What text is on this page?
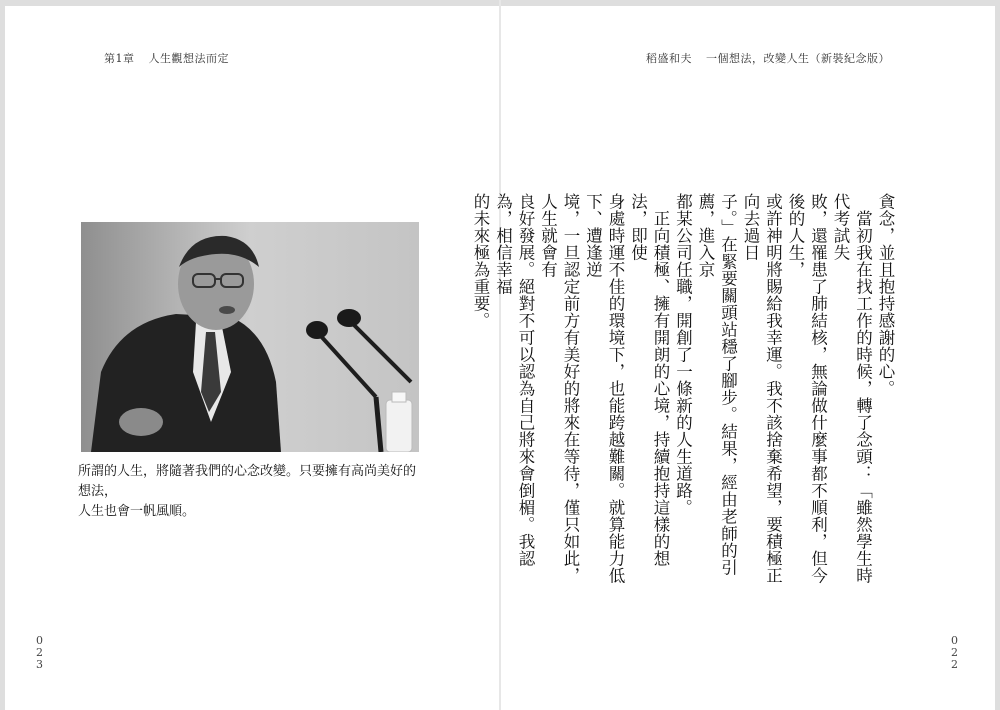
第1章 人生觀想法而定	稻盛和夫 一個想法，改變人生（新裝紀念版）
所謂的人生，將隨著我們的心念改變。只要擁有高尚美好的想法，
人生也會一帆風順。
貪念，並且抱持感謝的心。
　當初我在找工作的時候，轉了念頭：「雖然學生時代考試失
敗，還罹患了肺結核，無論做什麼事都不順利，但今後的人生，
或許神明將賜給我幸運。我不該捨棄希望，要積極正向去過日
子。」在緊要關頭站穩了腳步。結果，經由老師的引薦，進入京
都某公司任職，開創了一條新的人生道路。
　正向積極、擁有開朗的心境，持續抱持這樣的想法，即使
身處時運不佳的環境下，也能跨越難關。就算能力低下、遭逢逆
境，一旦認定前方有美好的將來在等待，僅只如此，人生就會有
良好發展。絕對不可以認為自己將來會倒楣。我認為，相信幸福
的未來極為重要。
0
2
3
0
2
2
